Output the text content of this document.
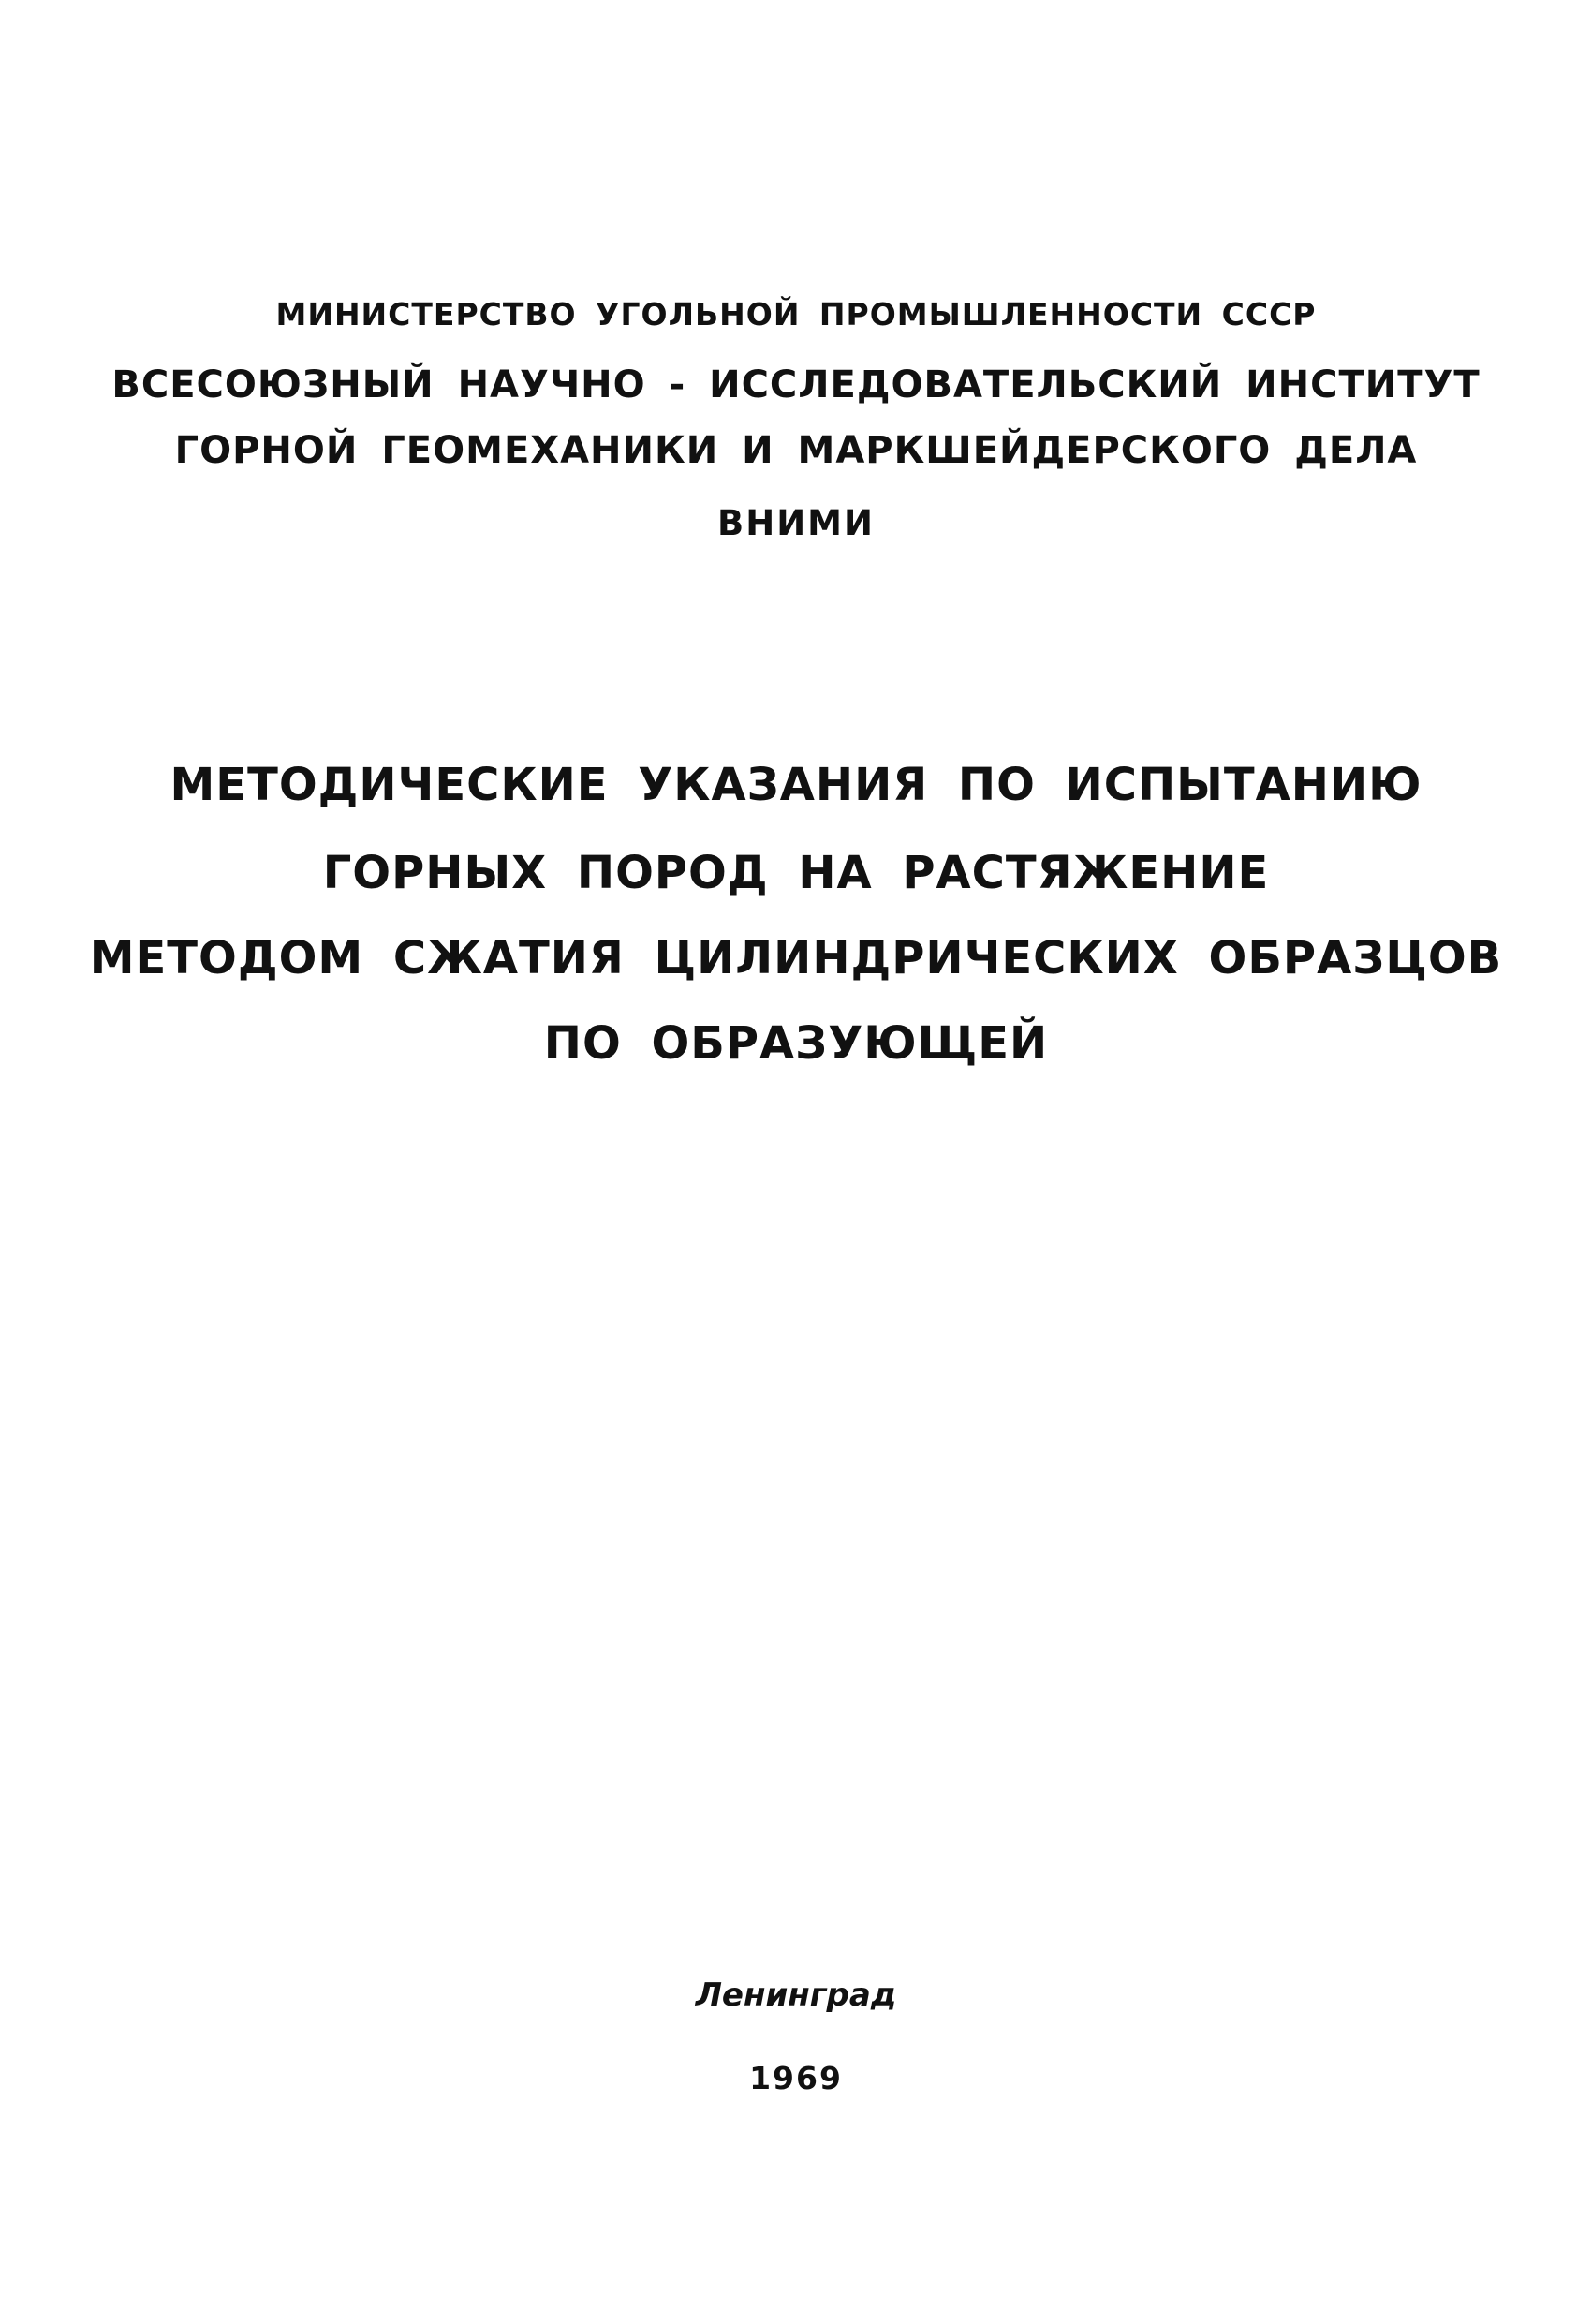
МИНИСТЕРСТВО УГОЛЬНОЙ ПРОМЫШЛЕННОСТИ СССР
ВСЕСОЮЗНЫЙ НАУЧНО - ИССЛЕДОВАТЕЛЬСКИЙ ИНСТИТУТ
ГОРНОЙ ГЕОМЕХАНИКИ И МАРКШЕЙДЕРСКОГО ДЕЛА
ВНИМИ
МЕТОДИЧЕСКИЕ УКАЗАНИЯ ПО ИСПЫТАНИЮ
ГОРНЫХ ПОРОД НА РАСТЯЖЕНИЕ
МЕТОДОМ СЖАТИЯ ЦИЛИНДРИЧЕСКИХ ОБРАЗЦОВ
ПО ОБРАЗУЮЩЕЙ
Ленинград
1969
